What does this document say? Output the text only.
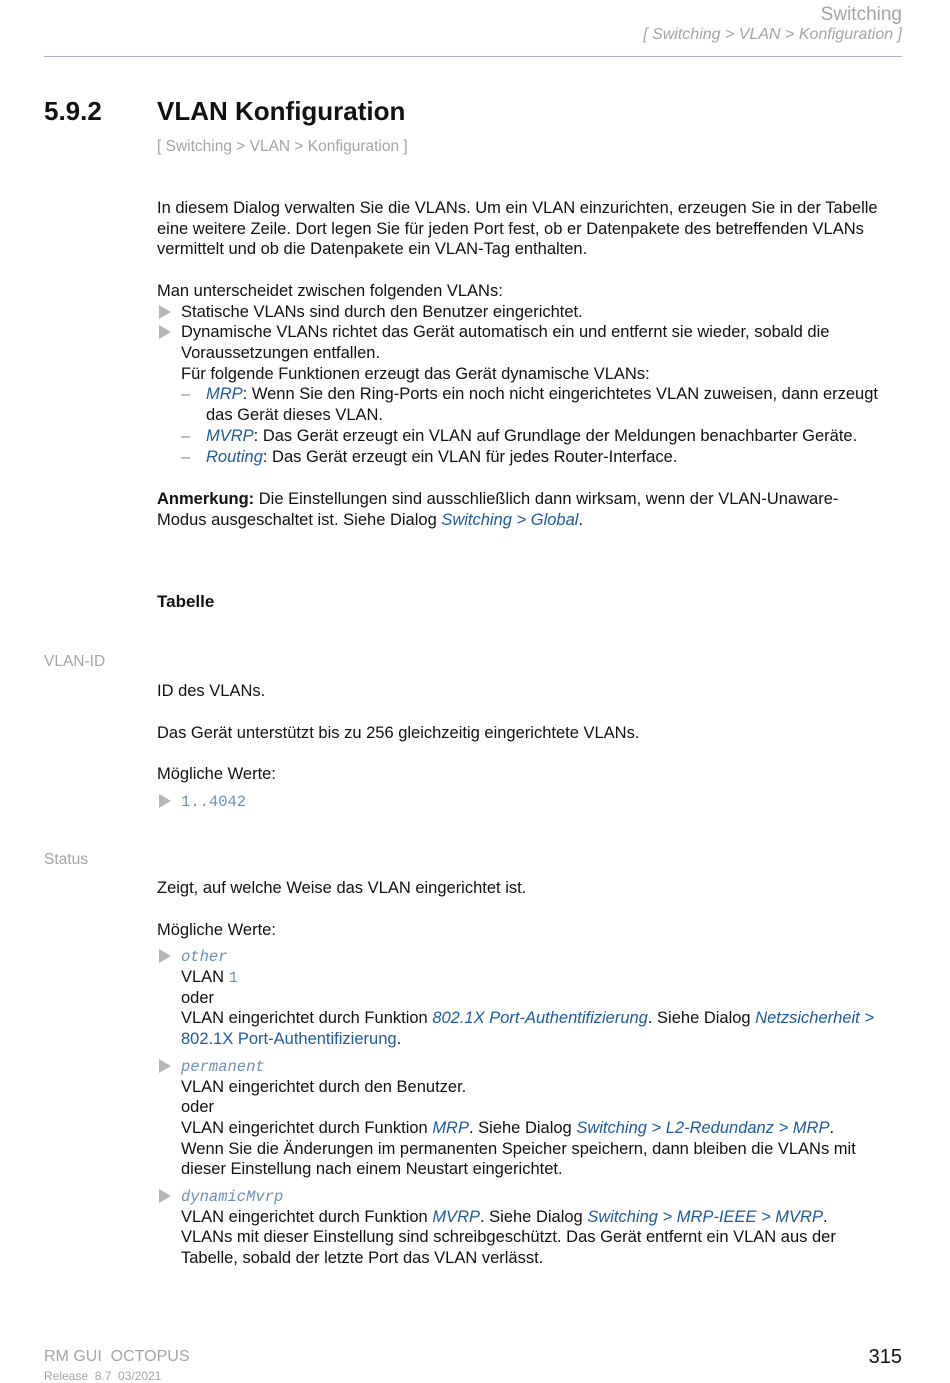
Switching
[ Switching > VLAN > Konfiguration ]
5.9.2 VLAN Konfiguration
[ Switching > VLAN > Konfiguration ]
In diesem Dialog verwalten Sie die VLANs. Um ein VLAN einzurichten, erzeugen Sie in der Tabelle
eine weitere Zeile. Dort legen Sie für jeden Port fest, ob er Datenpakete des betreffenden VLANs
vermittelt und ob die Datenpakete ein VLAN-Tag enthalten.
Man unterscheidet zwischen folgenden VLANs:
Statische VLANs sind durch den Benutzer eingerichtet.
Dynamische VLANs richtet das Gerät automatisch ein und entfernt sie wieder, sobald die
Voraussetzungen entfallen.
Für folgende Funktionen erzeugt das Gerät dynamische VLANs:
– MRP: Wenn Sie den Ring-Ports ein noch nicht eingerichtetes VLAN zuweisen, dann erzeugt
das Gerät dieses VLAN.
– MVRP: Das Gerät erzeugt ein VLAN auf Grundlage der Meldungen benachbarter Geräte.
– Routing: Das Gerät erzeugt ein VLAN für jedes Router-Interface.
Anmerkung: Die Einstellungen sind ausschließlich dann wirksam, wenn der VLAN-Unaware-
Modus ausgeschaltet ist. Siehe Dialog Switching > Global.
Tabelle
VLAN-ID
ID des VLANs.
Das Gerät unterstützt bis zu 256 gleichzeitig eingerichtete VLANs.
Mögliche Werte:
1..4042
Status
Zeigt, auf welche Weise das VLAN eingerichtet ist.
Mögliche Werte:
other
VLAN 1
oder
VLAN eingerichtet durch Funktion 802.1X Port-Authentifizierung. Siehe Dialog Netzsicherheit >
802.1X Port-Authentifizierung.
permanent
VLAN eingerichtet durch den Benutzer.
oder
VLAN eingerichtet durch Funktion MRP. Siehe Dialog Switching > L2-Redundanz > MRP.
Wenn Sie die Änderungen im permanenten Speicher speichern, dann bleiben die VLANs mit
dieser Einstellung nach einem Neustart eingerichtet.
dynamicMvrp
VLAN eingerichtet durch Funktion MVRP. Siehe Dialog Switching > MRP-IEEE > MVRP.
VLANs mit dieser Einstellung sind schreibgeschützt. Das Gerät entfernt ein VLAN aus der
Tabelle, sobald der letzte Port das VLAN verlässt.
RM GUI  OCTOPUS
Release  8.7  03/2021
315
